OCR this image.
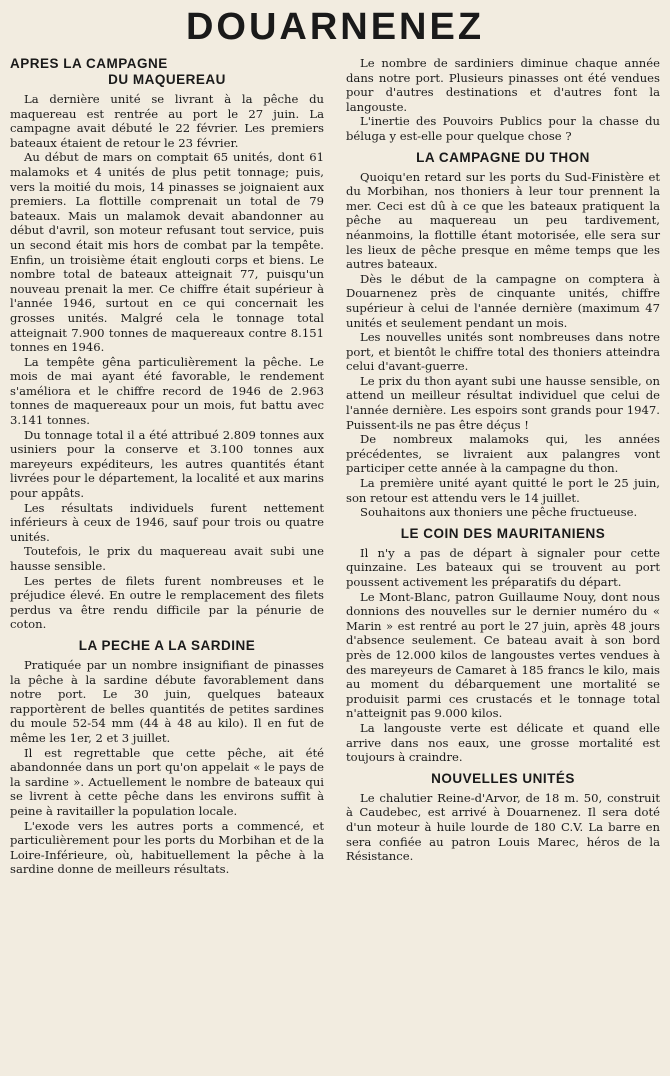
DOUARNENEZ
APRES LA CAMPAGNE
DU MAQUEREAU

La dernière unité se livrant à la pêche du maquereau est rentrée au port le 27 juin. La campagne avait débuté le 22 février. Les premiers bateaux étaient de retour le 23 février.

Au début de mars on comptait 65 unités, dont 61 malamoks et 4 unités de plus petit tonnage; puis, vers la moitié du mois, 14 pinasses se joignaient aux premiers. La flottille comprenait un total de 79 bateaux. Mais un malamok devait abandonner au début d'avril, son moteur refusant tout service, puis un second était mis hors de combat par la tempête. Enfin, un troisième était englouti corps et biens. Le nombre total de bateaux atteignait 77, puisqu'un nouveau prenait la mer. Ce chiffre était supérieur à l'année 1946, surtout en ce qui concernait les grosses unités. Malgré cela le tonnage total atteignait 7.900 tonnes de maquereaux contre 8.151 tonnes en 1946.

La tempête gêna particulièrement la pêche. Le mois de mai ayant été favorable, le rendement s'améliora et le chiffre record de 1946 de 2.963 tonnes de maquereaux pour un mois, fut battu avec 3.141 tonnes.

Du tonnage total il a été attribué 2.809 tonnes aux usiniers pour la conserve et 3.100 tonnes aux mareyeurs expéditeurs, les autres quantités étant livrées pour le département, la localité et aux marins pour appâts.

Les résultats individuels furent nettement inférieurs à ceux de 1946, sauf pour trois ou quatre unités.

Toutefois, le prix du maquereau avait subi une hausse sensible.

Les pertes de filets furent nombreuses et le préjudice élevé. En outre le remplacement des filets perdus va être rendu difficile par la pénurie de coton.

LA PECHE A LA SARDINE

Pratiquée par un nombre insignifiant de pinasses la pêche à la sardine débute favorablement dans notre port. Le 30 juin, quelques bateaux rapportèrent de belles quantités de petites sardines du moule 52-54 mm (44 à 48 au kilo). Il en fut de même les 1er, 2 et 3 juillet.

Il est regrettable que cette pêche, ait été abandonnée dans un port qu'on appelait « le pays de la sardine ». Actuellement le nombre de bateaux qui se livrent à cette pêche dans les environs suffit à peine à ravitailler la population locale.

L'exode vers les autres ports a commencé, et particulièrement pour les ports du Morbihan et de la Loire-Inférieure, où, habituellement la pêche à la sardine donne de meilleurs résultats.

Le nombre de sardiniers diminue chaque année dans notre port. Plusieurs pinasses ont été vendues pour d'autres destinations et d'autres font la langouste.

L'inertie des Pouvoirs Publics pour la chasse du béluga y est-elle pour quelque chose ?

LA CAMPAGNE DU THON

Quoiqu'en retard sur les ports du Sud-Finistère et du Morbihan, nos thoniers à leur tour prennent la mer. Ceci est dû à ce que les bateaux pratiquent la pêche au maquereau un peu tardivement, néanmoins, la flottille étant motorisée, elle sera sur les lieux de pêche presque en même temps que les autres bateaux.

Dès le début de la campagne on comptera à Douarnenez près de cinquante unités, chiffre supérieur à celui de l'année dernière (maximum 47 unités et seulement pendant un mois.

Les nouvelles unités sont nombreuses dans notre port, et bientôt le chiffre total des thoniers atteindra celui d'avant-guerre.

Le prix du thon ayant subi une hausse sensible, on attend un meilleur résultat individuel que celui de l'année dernière. Les espoirs sont grands pour 1947. Puissent-ils ne pas être déçus !

De nombreux malamoks qui, les années précédentes, se livraient aux palangres vont participer cette année à la campagne du thon.

La première unité ayant quitté le port le 25 juin, son retour est attendu vers le 14 juillet.

Souhaitons aux thoniers une pêche fructueuse.

LE COIN DES MAURITANIENS

Il n'y a pas de départ à signaler pour cette quinzaine. Les bateaux qui se trouvent au port poussent activement les préparatifs du départ.

Le Mont-Blanc, patron Guillaume Nouy, dont nous donnions des nouvelles sur le dernier numéro du « Marin » est rentré au port le 27 juin, après 48 jours d'absence seulement. Ce bateau avait à son bord près de 12.000 kilos de langoustes vertes vendues à des mareyeurs de Camaret à 185 francs le kilo, mais au moment du débarquement une mortalité se produisit parmi ces crustacés et le tonnage total n'atteignit pas 9.000 kilos.

La langouste verte est délicate et quand elle arrive dans nos eaux, une grosse mortalité est toujours à craindre.

NOUVELLES UNITÉS

Le chalutier Reine-d'Arvor, de 18 m. 50, construit à Caudebec, est arrivé à Douarnenez. Il sera doté d'un moteur à huile lourde de 180 C.V. La barre en sera confiée au patron Louis Marec, héros de la Résistance.
